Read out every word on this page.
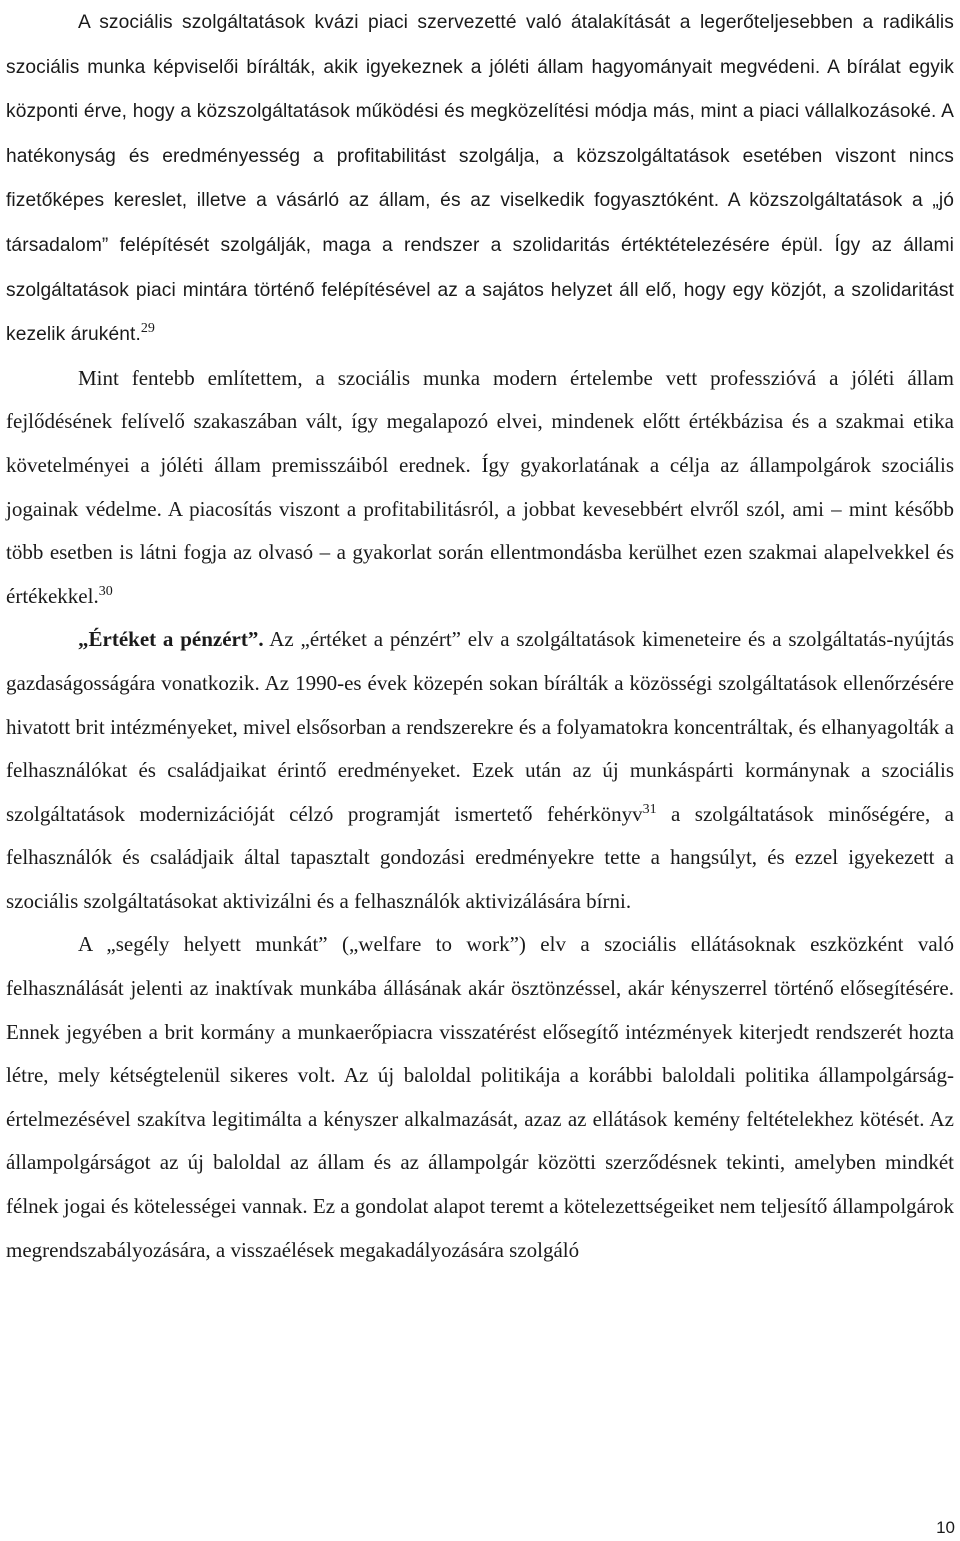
A szociális szolgáltatások kvázi piaci szervezetté való átalakítását a legerőteljesebben a radikális szociális munka képviselői bírálták, akik igyekeznek a jóléti állam hagyományait megvédeni. A bírálat egyik központi érve, hogy a közszolgáltatások működési és megközelítési módja más, mint a piaci vállalkozásoké. A hatékonyság és eredményesség a profitabilitást szolgálja, a közszolgáltatások esetében viszont nincs fizetőképes kereslet, illetve a vásárló az állam, és az viselkedik fogyasztóként. A közszolgáltatások a „jó társadalom” felépítését szolgálják, maga a rendszer a szolidaritás értéktételezésére épül. Így az állami szolgáltatások piaci mintára történő felépítésével az a sajátos helyzet áll elő, hogy egy közjót, a szolidaritást kezelik áruként.$^{29}$

Mint fentebb említettem, a szociális munka modern értelembe vett professzióvá a jóléti állam fejlődésének felívelő szakaszában vált, így megalapozó elvei, mindenek előtt értékbázisa és a szakmai etika követelményei a jóléti állam premisszáiból erednek. Így gyakorlatának a célja az állampolgárok szociális jogainak védelme. A piacosítás viszont a profitabilitásról, a jobbat kevesebbért elvről szól, ami – mint később több esetben is látni fogja az olvasó – a gyakorlat során ellentmondásba kerülhet ezen szakmai alapelvekkel és értékekkel.$^{30}$

„Értéket a pénzért”. Az „értéket a pénzért” elv a szolgáltatások kimeneteire és a szolgáltatás-nyújtás gazdaságosságára vonatkozik. Az 1990-es évek közepén sokan bírálták a közösségi szolgáltatások ellenőrzésére hivatott brit intézményeket, mivel elsősorban a rendszerekre és a folyamatokra koncentráltak, és elhanyagolták a felhasználókat és családjaikat érintő eredményeket. Ezek után az új munkáspárti kormánynak a szociális szolgáltatások modernizációját célzó programját ismertető fehérkönyv$^{31}$ a szolgáltatások minőségére, a felhasználók és családjaik által tapasztalt gondozási eredményekre tette a hangsúlyt, és ezzel igyekezett a szociális szolgáltatásokat aktivizálni és a felhasználók aktivizálására bírni.

A „segély helyett munkát” („welfare to work”) elv a szociális ellátásoknak eszközként való felhasználását jelenti az inaktívak munkába állásának akár ösztönzéssel, akár kényszerrel történő elősegítésére. Ennek jegyében a brit kormány a munkaerőpiacra visszatérést elősegítő intézmények kiterjedt rendszerét hozta létre, mely kétségtelenül sikeres volt. Az új baloldal politikája a korábbi baloldali politika állampolgárság-értelmezésével szakítva legitimálta a kényszer alkalmazását, azaz az ellátások kemény feltételekhez kötését. Az állampolgárságot az új baloldal az állam és az állampolgár közötti szerződésnek tekinti, amelyben mindkét félnek jogai és kötelességei vannak. Ez a gondolat alapot teremt a kötelezettségeiket nem teljesítő állampolgárok megrendszabályozására, a visszaélések megakadályozására szolgáló

10
